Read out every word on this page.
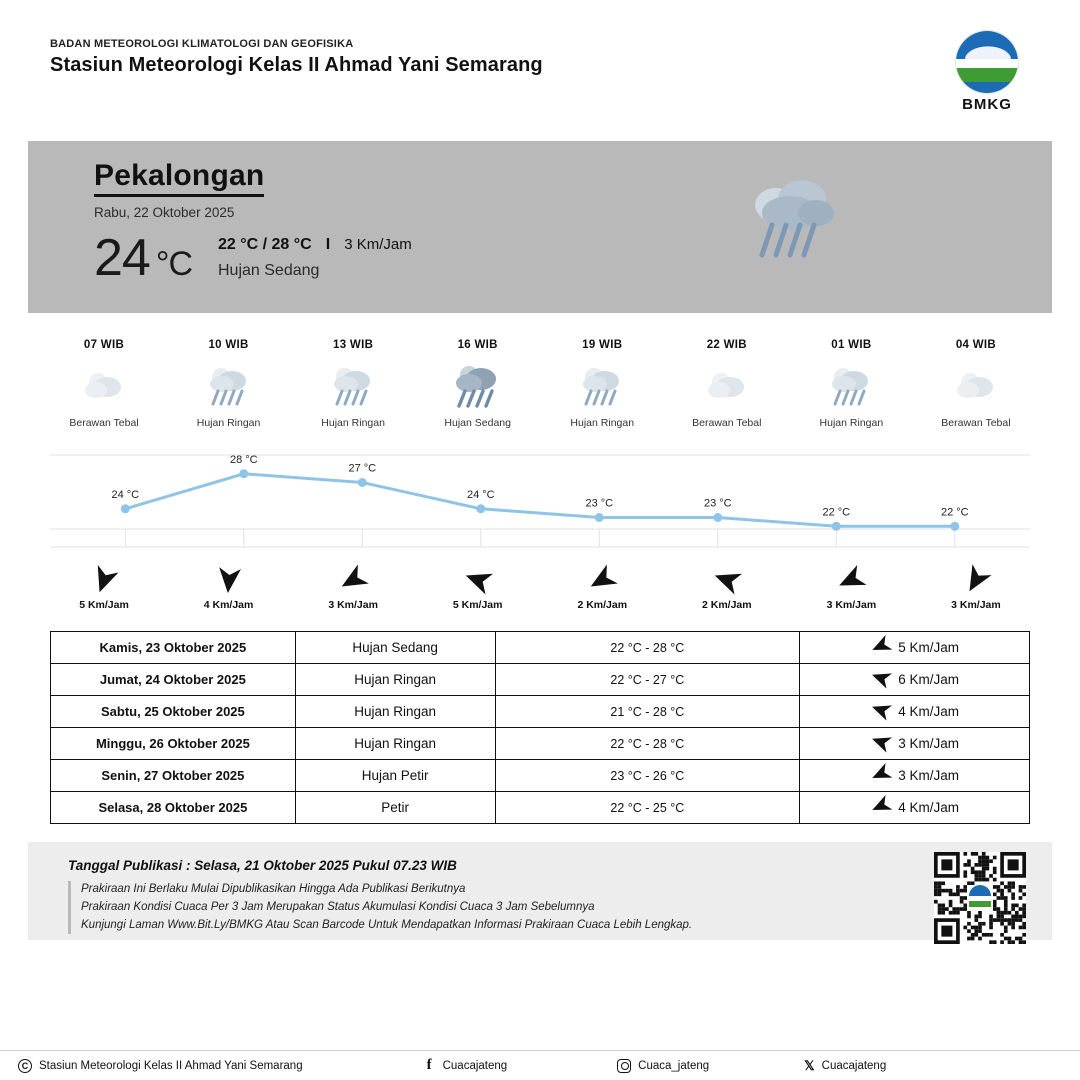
BADAN METEOROLOGI KLIMATOLOGI DAN GEOFISIKA
Stasiun Meteorologi Kelas II Ahmad Yani Semarang
BMKG
Pekalongan
Rabu, 22 Oktober 2025
24 °C
22 °C / 28 °C I 3 Km/Jam
Hujan Sedang
07 WIB
Berawan Tebal
10 WIB
Hujan Ringan
13 WIB
Hujan Ringan
16 WIB
Hujan Sedang
19 WIB
Hujan Ringan
22 WIB
Berawan Tebal
01 WIB
Hujan Ringan
04 WIB
Berawan Tebal
24 °C
28 °C
27 °C
24 °C
23 °C	23 °C
22 °C	22 °C
5 Km/Jam	4 Km/Jam	3 Km/Jam	5 Km/Jam	2 Km/Jam	2 Km/Jam	3 Km/Jam	3 Km/Jam
Kamis, 23 Oktober 2025	Hujan Sedang	22 °C - 28 °C	5 Km/Jam

Jumat, 24 Oktober 2025	Hujan Ringan	22 °C - 27 °C	6 Km/Jam

Sabtu, 25 Oktober 2025	Hujan Ringan	21 °C - 28 °C	4 Km/Jam

Minggu, 26 Oktober 2025	Hujan Ringan	22 °C - 28 °C	3 Km/Jam

Senin, 27 Oktober 2025	Hujan Petir	23 °C - 26 °C	3 Km/Jam

Selasa, 28 Oktober 2025	Petir	22 °C - 25 °C	4 Km/Jam
Tanggal Publikasi : Selasa, 21 Oktober 2025 Pukul 07.23 WIB
Prakiraan Ini Berlaku Mulai Dipublikasikan Hingga Ada Publikasi Berikutnya
Prakiraan Kondisi Cuaca Per 3 Jam Merupakan Status Akumulasi Kondisi Cuaca 3 Jam Sebelumnya
Kunjungi Laman Www.Bit.Ly/BMKG Atau Scan Barcode Untuk Mendapatkan Informasi Prakiraan Cuaca Lebih Lengkap.
C Stasiun Meteorologi Kelas II Ahmad Yani Semarang	f Cuacajateng	Cuaca_jateng	𝕏 Cuacajateng
